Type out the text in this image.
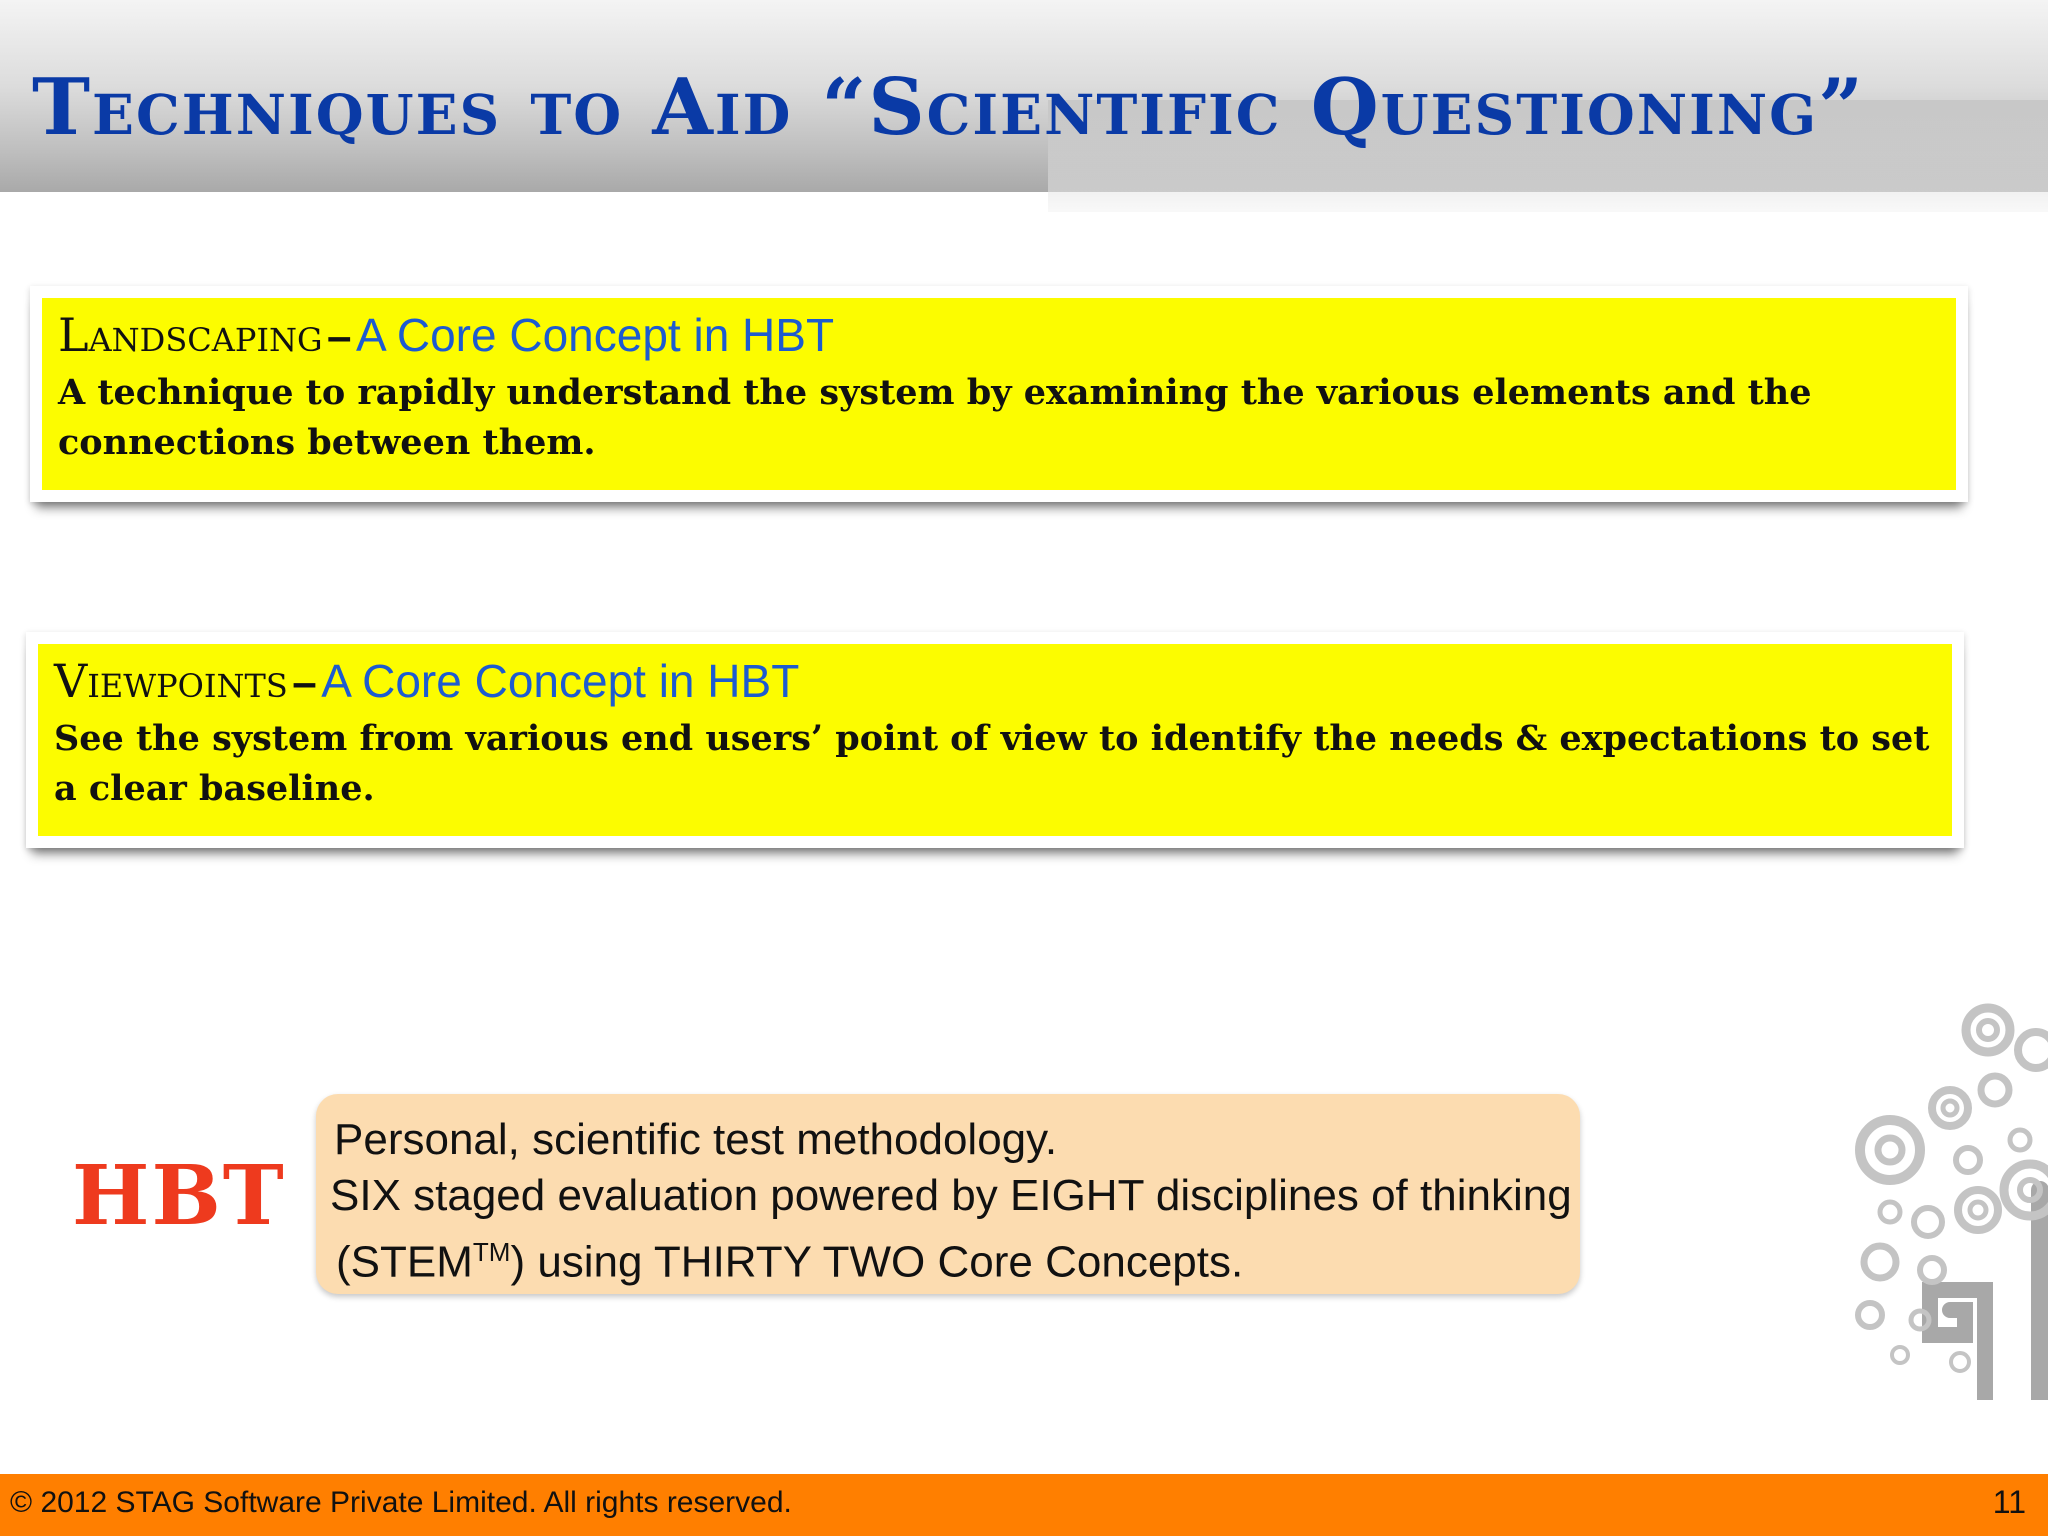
Techniques to Aid “Scientific Questioning”

Landscaping – A Core Concept in HBT

A technique to rapidly understand the system by examining the various elements and the connections between them.

Viewpoints – A Core Concept in HBT

See the system from various end users’ point of view to identify the needs & expectations to set a clear baseline.

HBT

Personal, scientific test methodology.

SIX staged evaluation powered by EIGHT disciplines of thinking

(STEM™) using THIRTY TWO Core Concepts.

© 2012 STAG Software Private Limited. All rights reserved.	11
